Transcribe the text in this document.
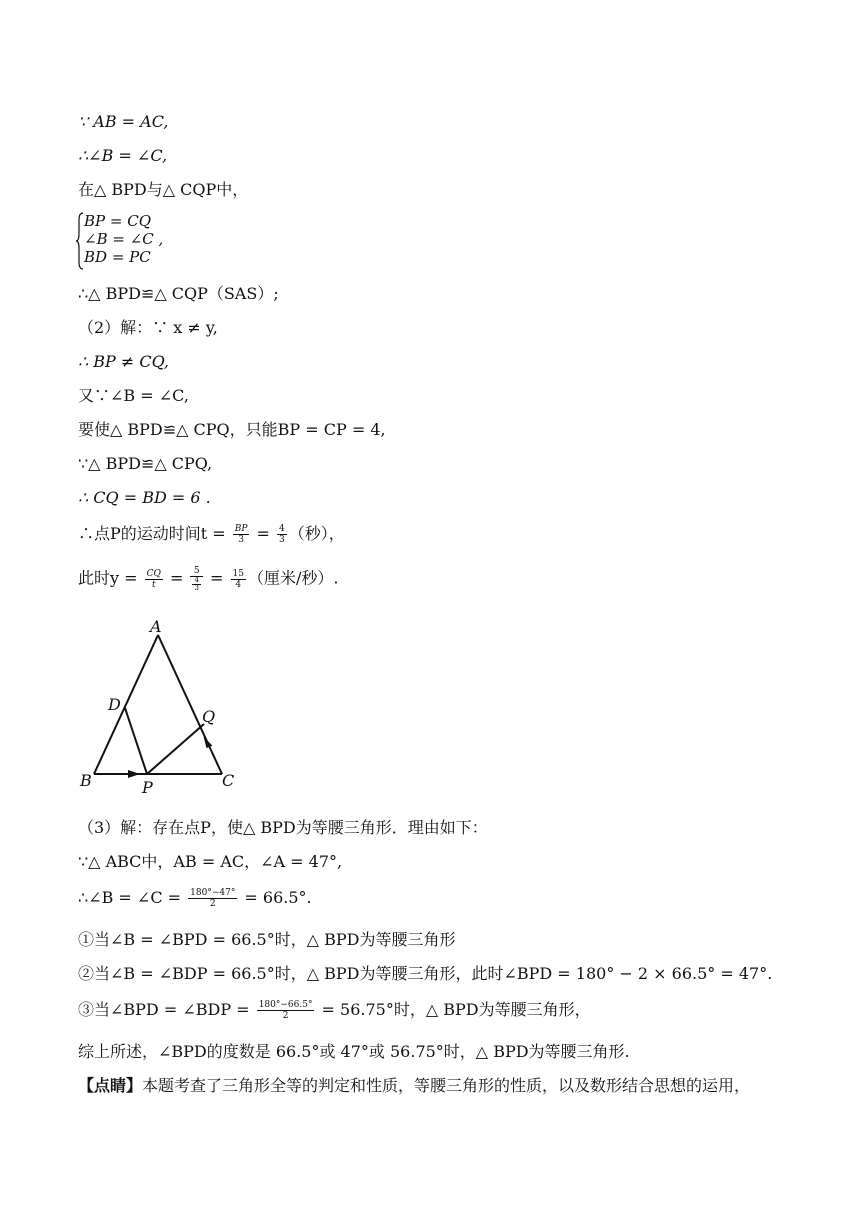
∵ AB = AC,
∴∠B = ∠C,
在△ BPD与△ CQP中，
BP = CQ
∠B = ∠C ,
BD = PC
∴△ BPD≌△ CQP（SAS）;
（2）解：∵ x ≠ y,
∴ BP ≠ CQ,
又∵∠B = ∠C,
要使△ BPD≌△ CPQ，只能BP = CP = 4,
∵△ BPD≌△ CPQ,
∴ CQ = BD = 6 .
∴点P的运动时间$t = \frac{BP}{3} = \frac{4}{3}$ （秒），
此时$y = \frac{CQ}{t} = \frac{5}{\frac{4}{3}} = \frac{15}{4}$ （厘米/秒）.
A
D
Q
B	P	C
（3）解：存在点P，使△ BPD为等腰三角形．理由如下：
∵△ ABC中，AB = AC，∠A = 47°,
∴∠B = ∠C = $\frac{180^\circ-47^\circ}{2} = 66.5^\circ$.
①当∠B = ∠BPD = 66.5°时，△ BPD为等腰三角形
②当∠B = ∠BDP = 66.5°时，△ BPD为等腰三角形，此时∠BPD = 180° − 2 × 66.5° = 47°.
③当∠BPD = ∠BDP = $\frac{180^\circ-66.5^\circ}{2} = 56.75^\circ$时，△ BPD为等腰三角形，
综上所述，∠BPD的度数是 66.5°或 47°或 56.75°时，△ BPD为等腰三角形.
【点睛】本题考查了三角形全等的判定和性质，等腰三角形的性质，以及数形结合思想的运用，
